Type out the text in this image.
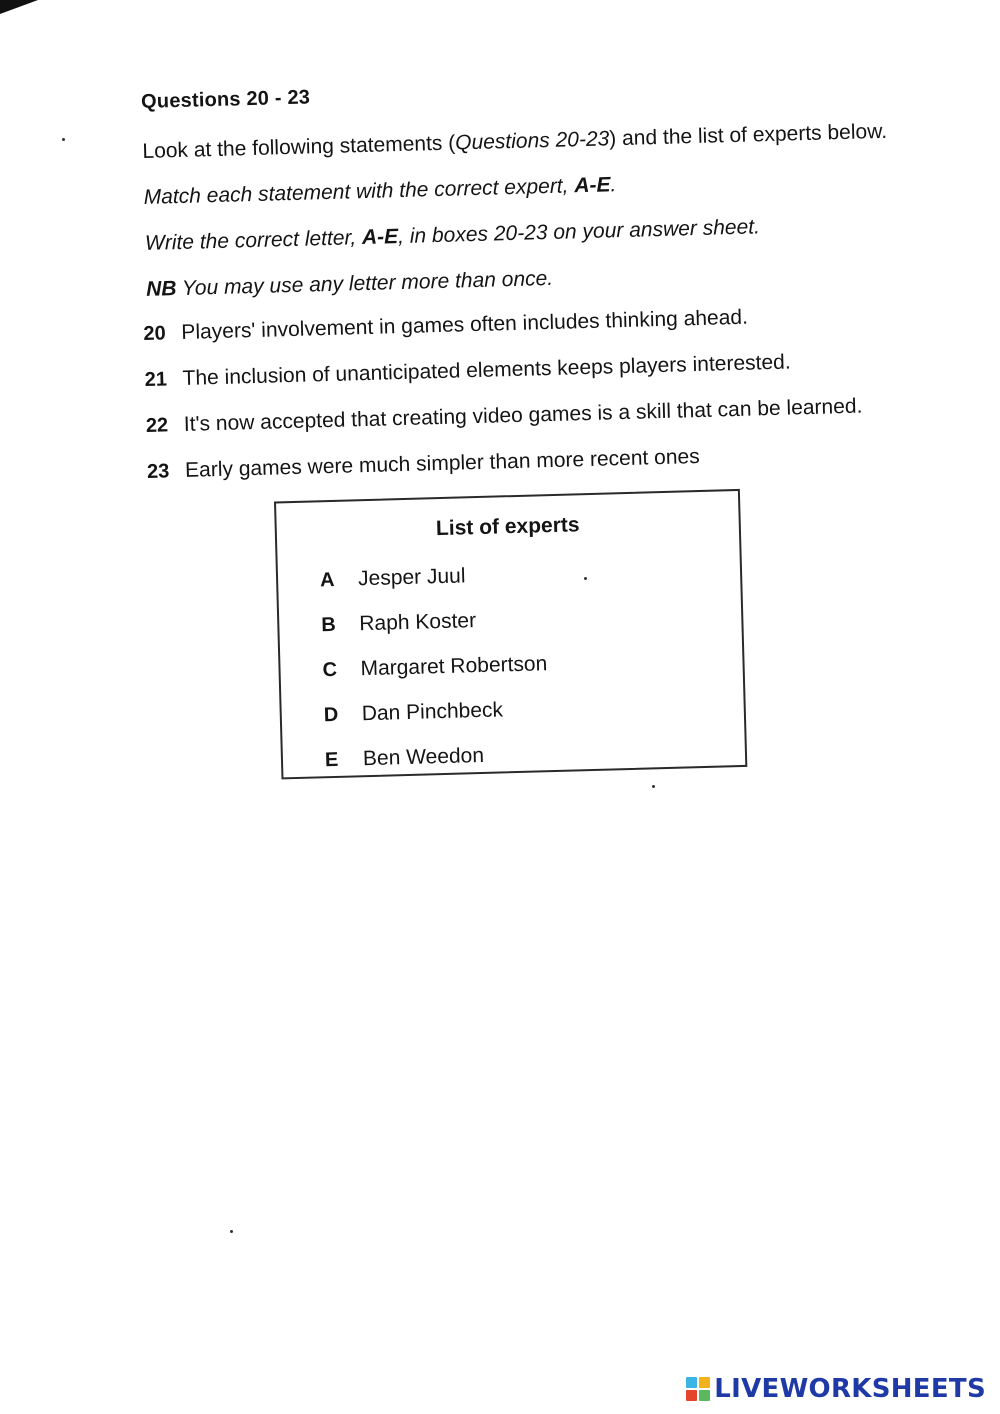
Questions 20 - 23
Look at the following statements (Questions 20-23) and the list of experts below.
Match each statement with the correct expert, A-E.
Write the correct letter, A-E, in boxes 20-23 on your answer sheet.
NB You may use any letter more than once.
20 Players' involvement in games often includes thinking ahead.
21 The inclusion of unanticipated elements keeps players interested.
22 It's now accepted that creating video games is a skill that can be learned.
23 Early games were much simpler than more recent ones
List of experts
A Jesper Juul
B Raph Koster
C Margaret Robertson
D Dan Pinchbeck
E Ben Weedon
LIVEWORKSHEETS
